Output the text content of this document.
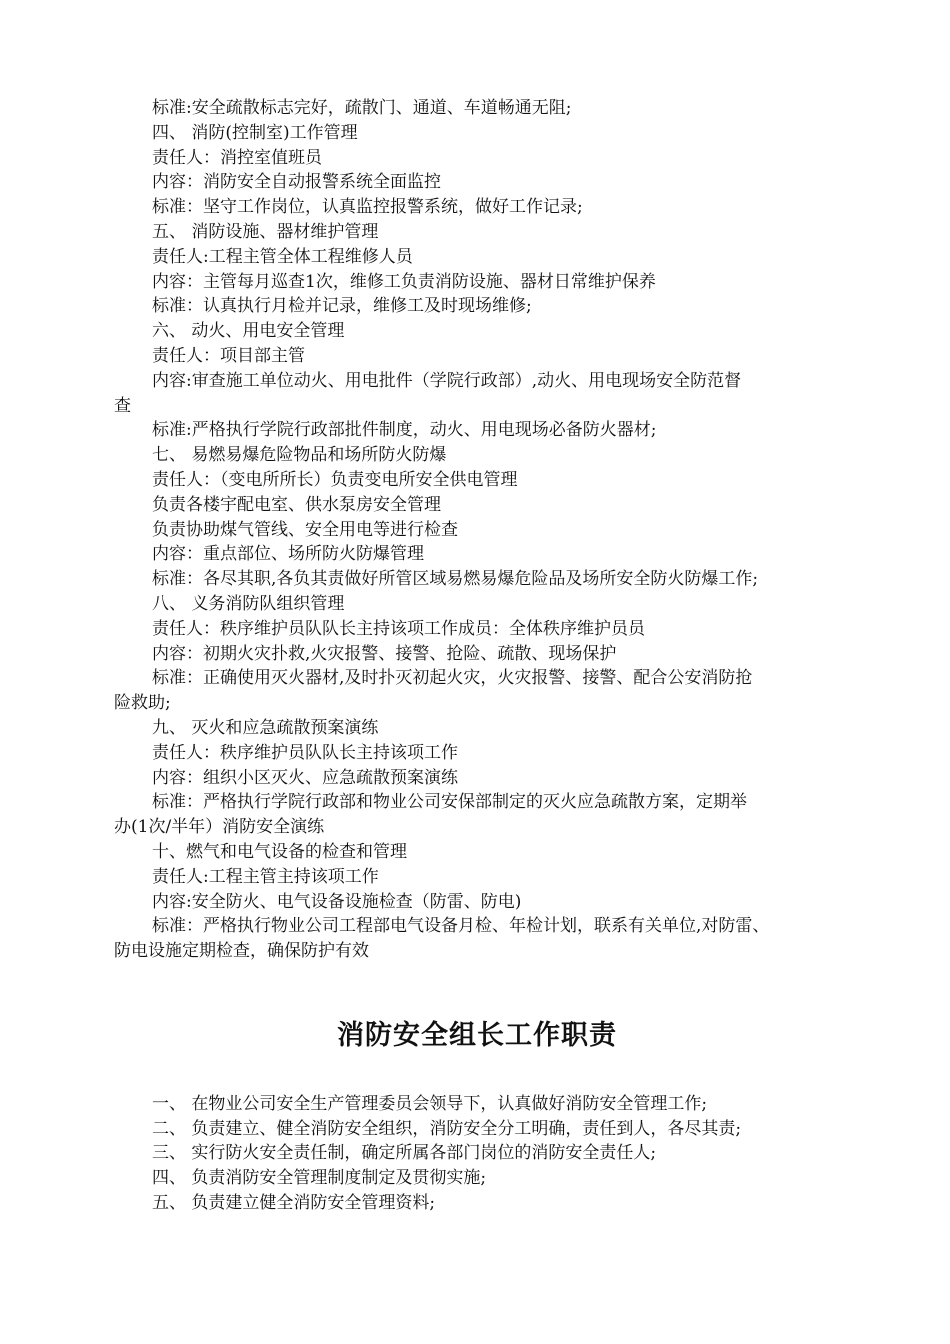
标准:安全疏散标志完好，疏散门、通道、车道畅通无阻;
四、 消防(控制室)工作管理
责任人：消控室值班员
内容：消防安全自动报警系统全面监控
标准：坚守工作岗位，认真监控报警系统，做好工作记录;
五、 消防设施、器材维护管理
责任人:工程主管全体工程维修人员
内容：主管每月巡查1次，维修工负责消防设施、器材日常维护保养
标准：认真执行月检并记录，维修工及时现场维修;
六、 动火、用电安全管理
责任人：项目部主管
内容:审查施工单位动火、用电批件（学院行政部）,动火、用电现场安全防范督
查
标准:严格执行学院行政部批件制度，动火、用电现场必备防火器材;
七、 易燃易爆危险物品和场所防火防爆
责任人：（变电所所长）负责变电所安全供电管理
负责各楼宇配电室、供水泵房安全管理
负责协助煤气管线、安全用电等进行检查
内容：重点部位、场所防火防爆管理
标准：各尽其职,各负其责做好所管区域易燃易爆危险品及场所安全防火防爆工作;
八、 义务消防队组织管理
责任人：秩序维护员队队长主持该项工作成员：全体秩序维护员员
内容：初期火灾扑救,火灾报警、接警、抢险、疏散、现场保护
标准：正确使用灭火器材,及时扑灭初起火灾，火灾报警、接警、配合公安消防抢
险救助;
九、 灭火和应急疏散预案演练
责任人：秩序维护员队队长主持该项工作
内容：组织小区灭火、应急疏散预案演练
标准：严格执行学院行政部和物业公司安保部制定的灭火应急疏散方案，定期举
办(1次/半年）消防安全演练
十、燃气和电气设备的检查和管理
责任人:工程主管主持该项工作
内容:安全防火、电气设备设施检查（防雷、防电)
标准：严格执行物业公司工程部电气设备月检、年检计划，联系有关单位,对防雷、
防电设施定期检查，确保防护有效
消防安全组长工作职责
一、 在物业公司安全生产管理委员会领导下，认真做好消防安全管理工作;
二、 负责建立、健全消防安全组织，消防安全分工明确，责任到人，各尽其责;
三、 实行防火安全责任制，确定所属各部门岗位的消防安全责任人;
四、 负责消防安全管理制度制定及贯彻实施;
五、 负责建立健全消防安全管理资料;
